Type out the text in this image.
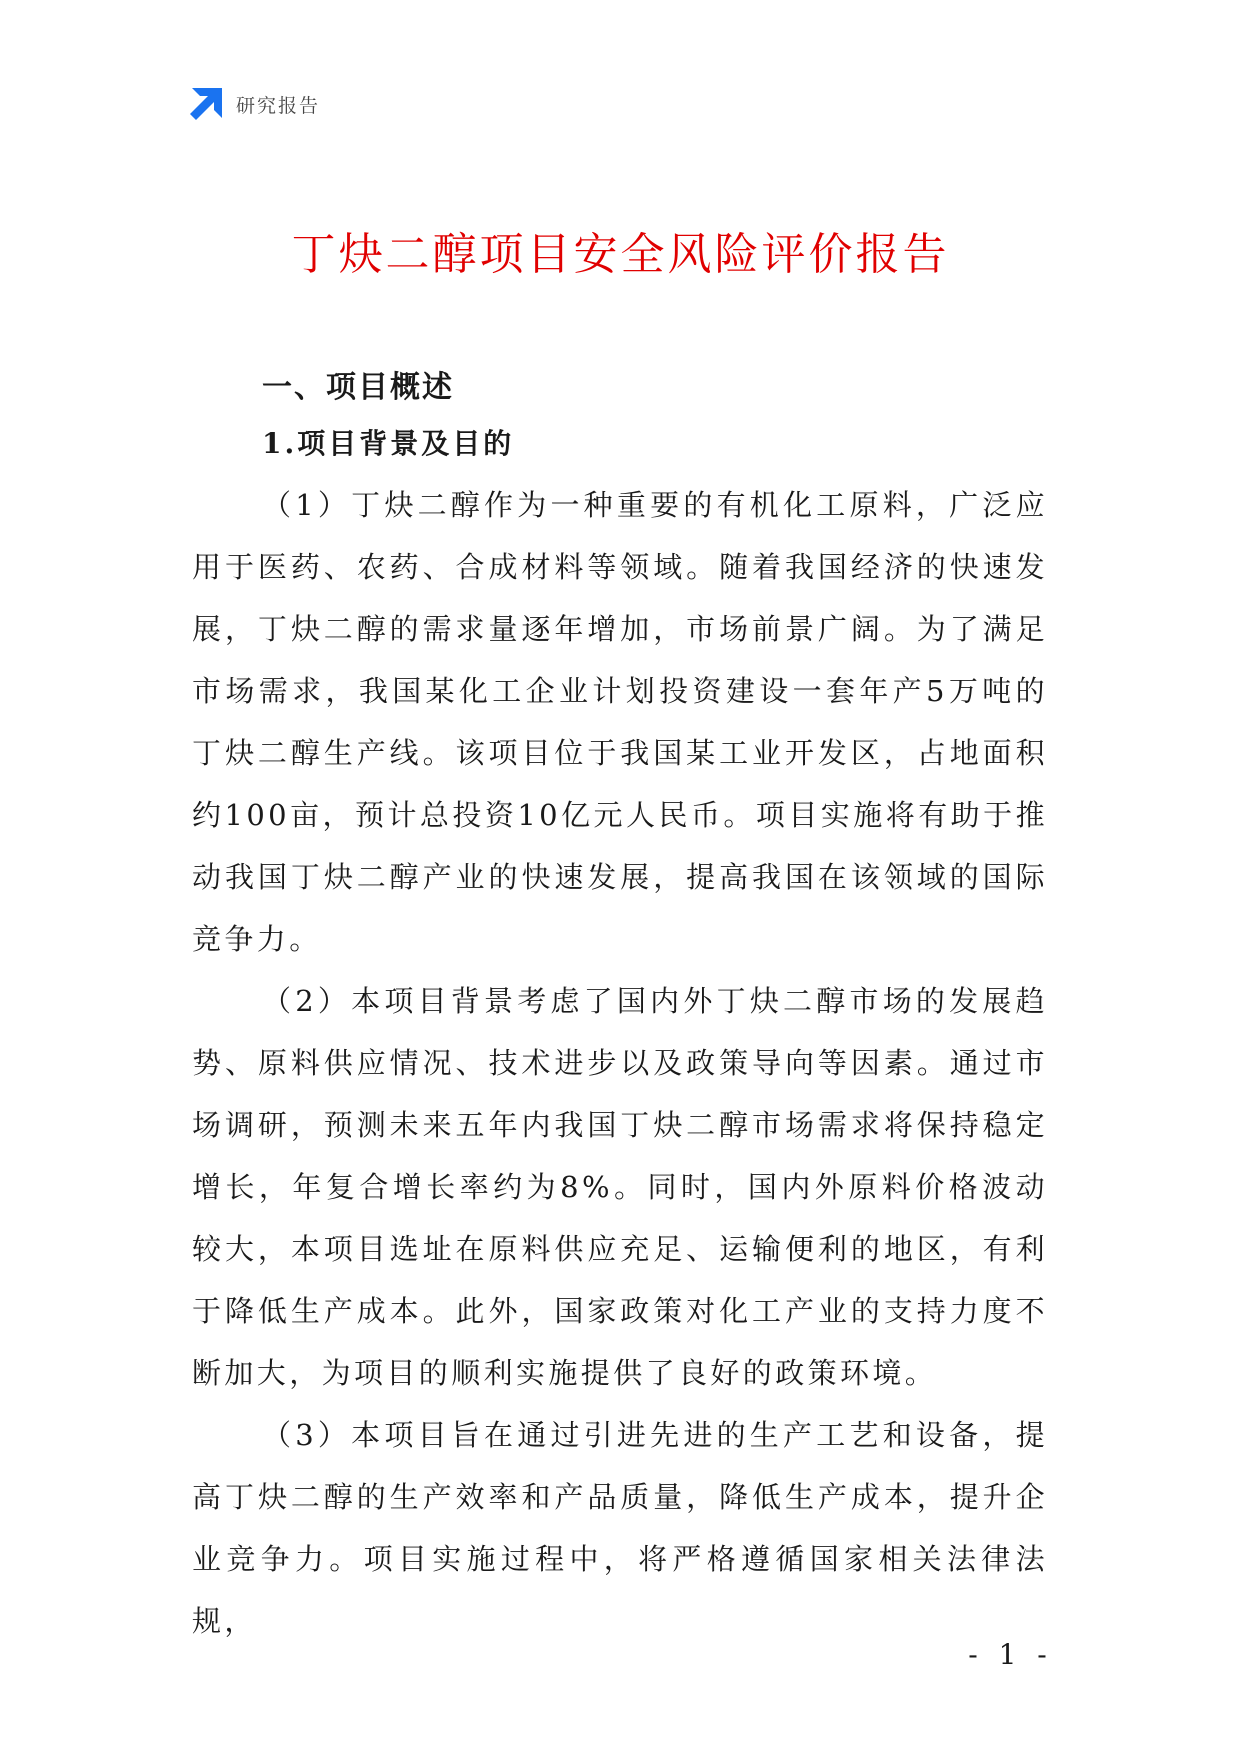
研究报告
丁炔二醇项目安全风险评价报告
一、项目概述
1.项目背景及目的

（1）丁炔二醇作为一种重要的有机化工原料，广泛应用于医药、农药、合成材料等领域。随着我国经济的快速发展，丁炔二醇的需求量逐年增加，市场前景广阔。为了满足市场需求，我国某化工企业计划投资建设一套年产5万吨的丁炔二醇生产线。该项目位于我国某工业开发区，占地面积约100亩，预计总投资10亿元人民币。项目实施将有助于推动我国丁炔二醇产业的快速发展，提高我国在该领域的国际竞争力。

（2）本项目背景考虑了国内外丁炔二醇市场的发展趋势、原料供应情况、技术进步以及政策导向等因素。通过市场调研，预测未来五年内我国丁炔二醇市场需求将保持稳定增长，年复合增长率约为8%。同时，国内外原料价格波动较大，本项目选址在原料供应充足、运输便利的地区，有利于降低生产成本。此外，国家政策对化工产业的支持力度不断加大，为项目的顺利实施提供了良好的政策环境。

（3）本项目旨在通过引进先进的生产工艺和设备，提高丁炔二醇的生产效率和产品质量，降低生产成本，提升企业竞争力。项目实施过程中，将严格遵循国家相关法律法规，

- 1 -
